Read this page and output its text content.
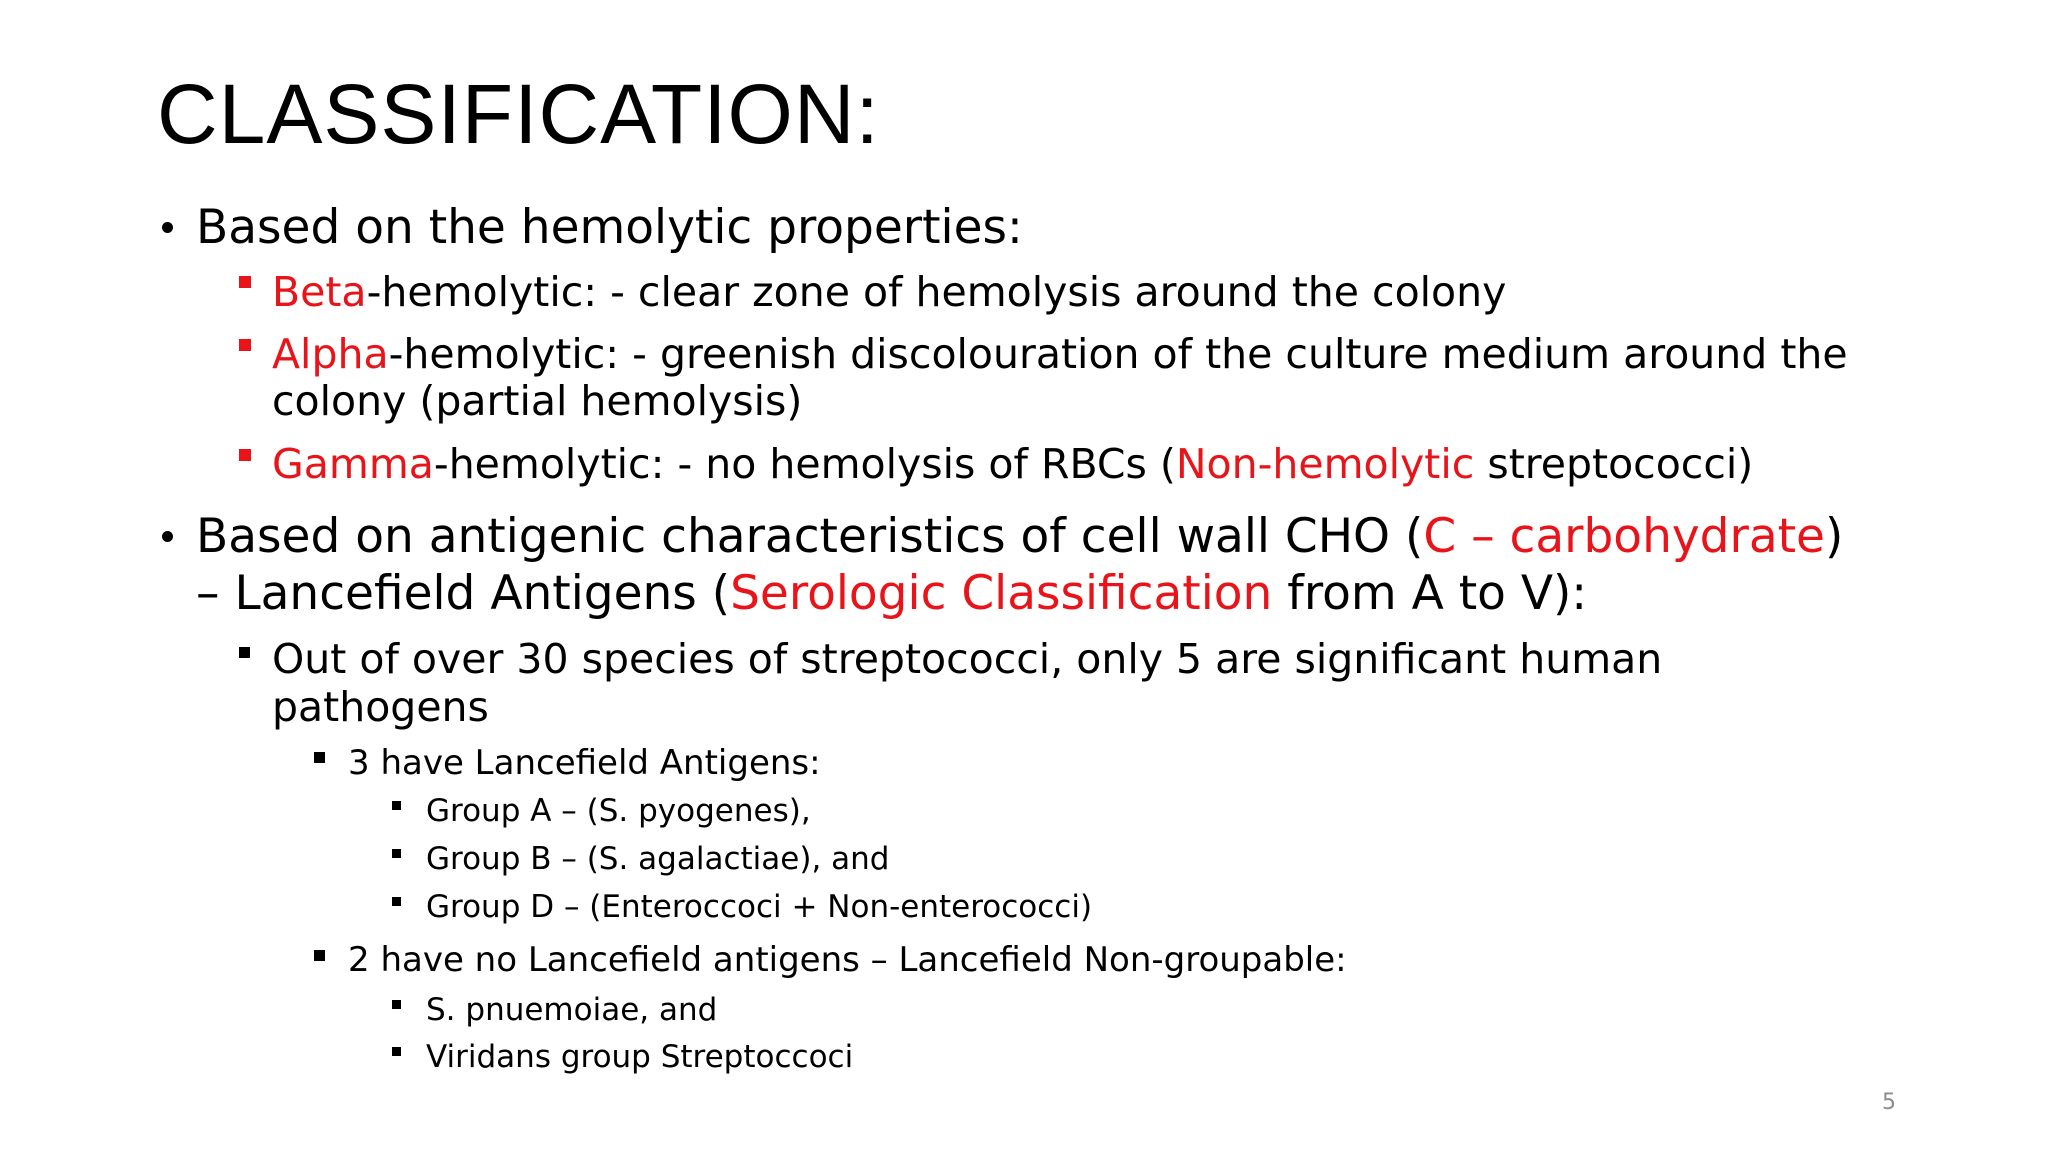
CLASSIFICATION:
Based on the hemolytic properties:
Beta-hemolytic: - clear zone of hemolysis around the colony
Alpha-hemolytic: - greenish discolouration of the culture medium around the
colony (partial hemolysis)
Gamma-hemolytic: - no hemolysis of RBCs (Non-hemolytic streptococci)
Based on antigenic characteristics of cell wall CHO (C – carbohydrate)
– Lancefield Antigens (Serologic Classification from A to V):
Out of over 30 species of streptococci, only 5 are significant human
pathogens
3 have Lancefield Antigens:
Group A – (S. pyogenes),
Group B – (S. agalactiae), and
Group D – (Enteroccoci + Non-enterococci)
2 have no Lancefield antigens – Lancefield Non-groupable:
S. pnuemoiae, and
Viridans group Streptoccoci
5
